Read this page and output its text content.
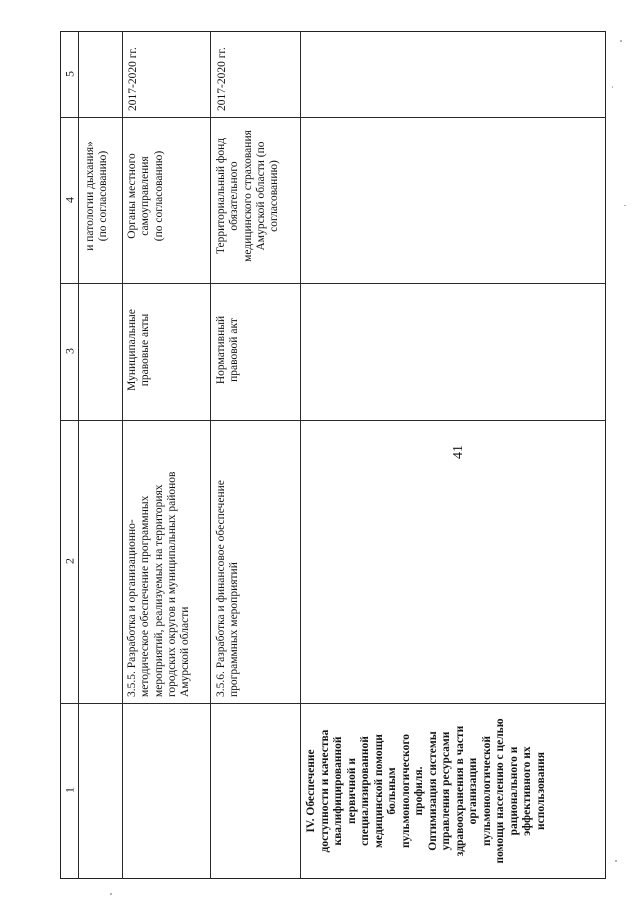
41
1
2
3
4
5
и патологии дыхания» (по согласованию)
3.5.5. Разработка и организационно- методическое обеспечение программных мероприятий, реализуемых на территориях городских округов и муниципальных районов Амурской области
Муниципальные правовые акты
Органы местного самоуправления (по согласованию)
2017-2020 гг.
3.5.6. Разработка и финансовое обеспечение программных мероприятий
Нормативный правовой акт
Территориальный фонд обязательного медицинского страхования Амурской области (по согласованию)
2017-2020 гг.
IV. Обеспечение доступности и качества квалифицированной первичной и специализированной медицинской помощи больным пульмонологического профиля. Оптимизация системы управления ресурсами здравоохранения в части организации пульмонологической помощи населению с целью рационального и эффективного их использования
